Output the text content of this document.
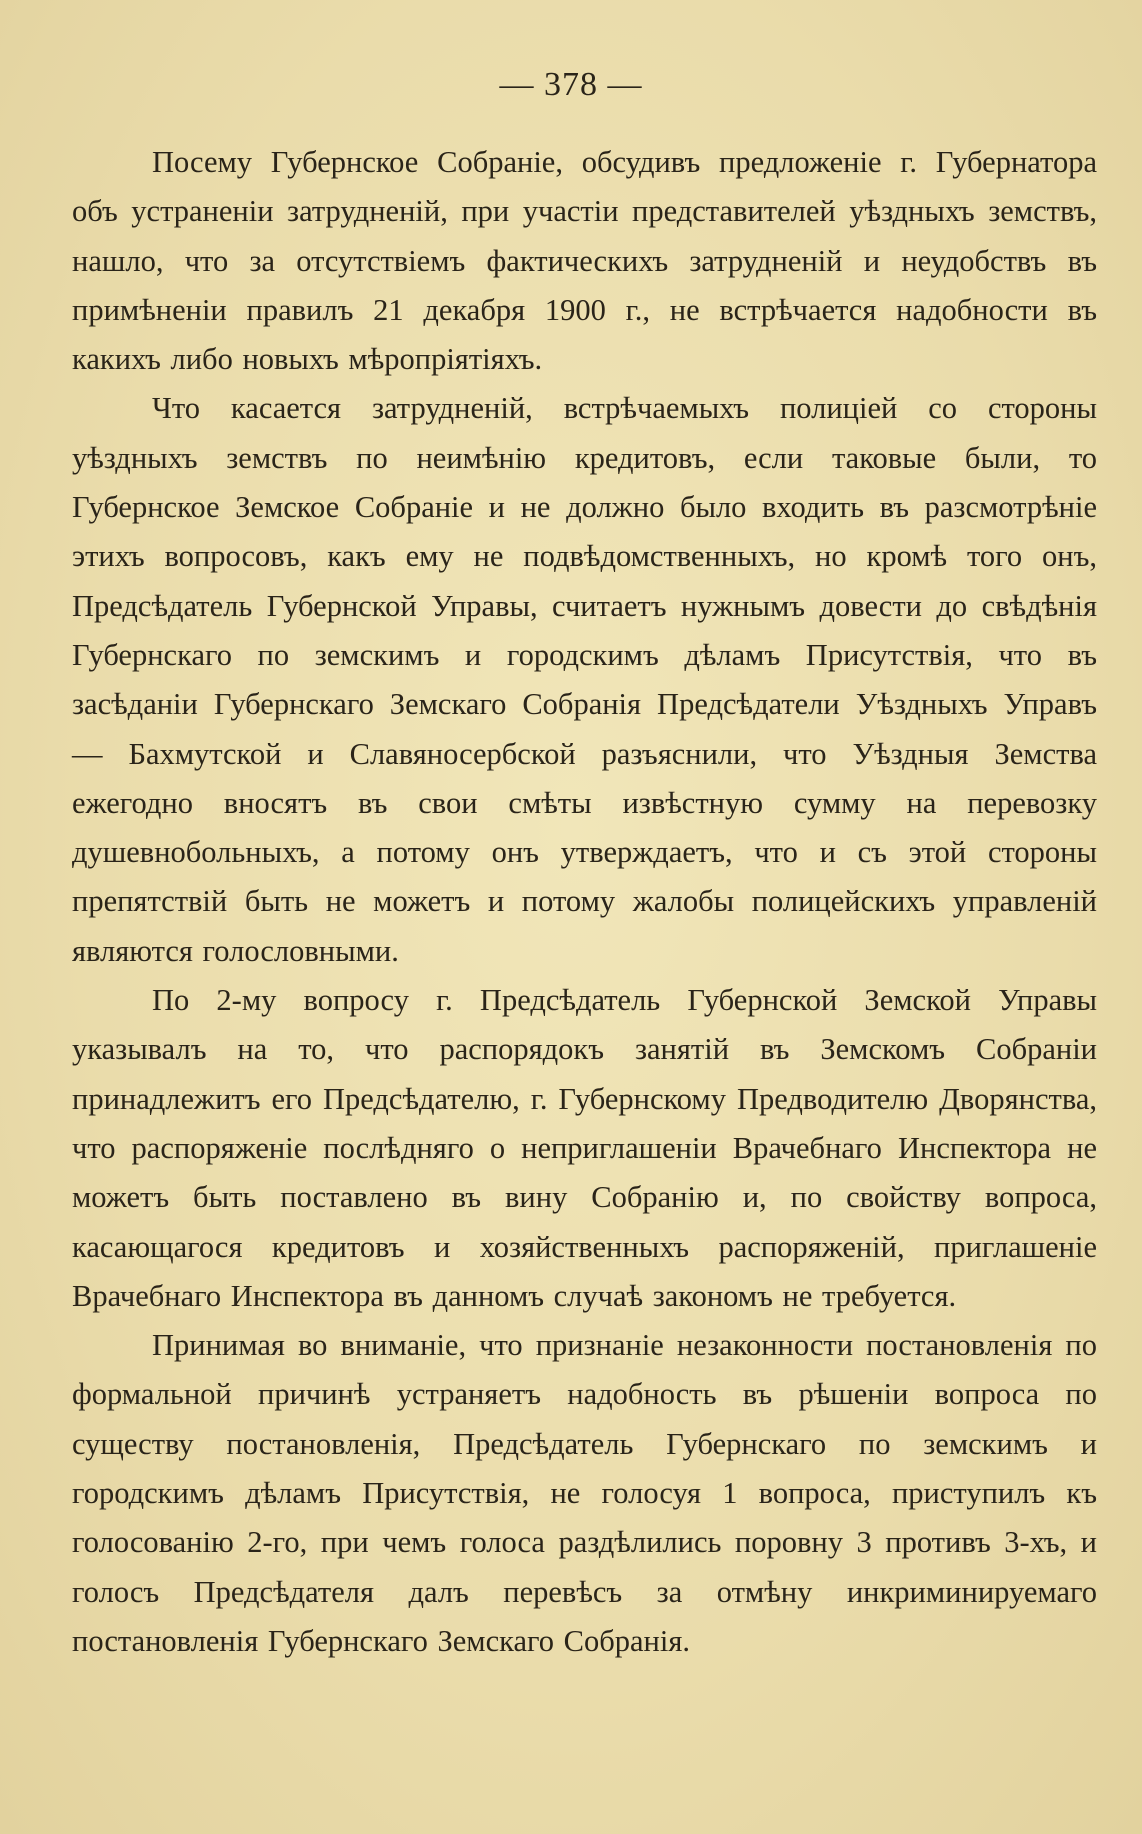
— 378 —

Посему Губернское Собраніе, обсудивъ предложеніе г. Губернатора объ устраненіи затрудненій, при участіи представителей уѣздныхъ земствъ, нашло, что за отсутствіемъ фактическихъ затрудненій и неудобствъ въ примѣненіи правилъ 21 декабря 1900 г., не встрѣчается надобности въ какихъ либо новыхъ мѣропріятіяхъ.

Что касается затрудненій, встрѣчаемыхъ полиціей со стороны уѣздныхъ земствъ по неимѣнію кредитовъ, если таковые были, то Губернское Земское Собраніе и не должно было входить въ разсмотрѣніе этихъ вопросовъ, какъ ему не подвѣдомственныхъ, но кромѣ того онъ, Предсѣдатель Губернской Управы, считаетъ нужнымъ довести до свѣдѣнія Губернскаго по земскимъ и городскимъ дѣламъ Присутствія, что въ засѣданіи Губернскаго Земскаго Собранія Предсѣдатели Уѣздныхъ Управъ — Бахмутской и Славяносербской разъяснили, что Уѣздныя Земства ежегодно вносятъ въ свои смѣты извѣстную сумму на перевозку душевнобольныхъ, а потому онъ утверждаетъ, что и съ этой стороны препятствій быть не можетъ и потому жалобы полицейскихъ управленій являются голословными.

По 2-му вопросу г. Предсѣдатель Губернской Земской Управы указывалъ на то, что распорядокъ занятій въ Земскомъ Собраніи принадлежитъ его Предсѣдателю, г. Губернскому Предводителю Дворянства, что распоряженіе послѣдняго о неприглашеніи Врачебнаго Инспектора не можетъ быть поставлено въ вину Собранію и, по свойству вопроса, касающагося кредитовъ и хозяйственныхъ распоряженій, приглашеніе Врачебнаго Инспектора въ данномъ случаѣ закономъ не требуется.

Принимая во вниманіе, что признаніе незаконности постановленія по формальной причинѣ устраняетъ надобность въ рѣшеніи вопроса по существу постановленія, Предсѣдатель Губернскаго по земскимъ и городскимъ дѣламъ Присутствія, не голосуя 1 вопроса, приступилъ къ голосованію 2-го, при чемъ голоса раздѣлились поровну 3 противъ 3-хъ, и голосъ Предсѣдателя далъ перевѣсъ за отмѣну инкриминируемаго постановленія Губернскаго Земскаго Собранія.
